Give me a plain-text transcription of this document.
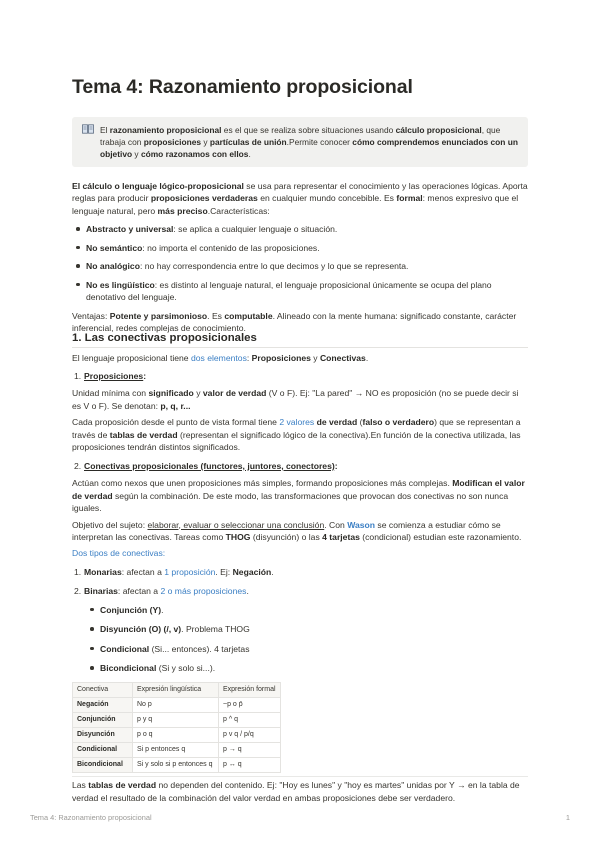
Tema 4: Razonamiento proposicional

El razonamiento proposicional es el que se realiza sobre situaciones usando cálculo proposicional, que trabaja con proposiciones y partículas de unión.Permite conocer cómo comprendemos enunciados con un objetivo y cómo razonamos con ellos.

El cálculo o lenguaje lógico-proposicional se usa para representar el conocimiento y las operaciones lógicas. Aporta reglas para producir proposiciones verdaderas en cualquier mundo concebible. Es formal: menos expresivo que el lenguaje natural, pero más preciso.Características:

Abstracto y universal: se aplica a cualquier lenguaje o situación.
No semántico: no importa el contenido de las proposiciones.
No analógico: no hay correspondencia entre lo que decimos y lo que se representa.
No es lingüístico: es distinto al lenguaje natural, el lenguaje proposicional únicamente se ocupa del plano denotativo del lenguaje.

Ventajas: Potente y parsimonioso. Es computable. Alineado con la mente humana: significado constante, carácter inferencial, redes complejas de conocimiento.

1. Las conectivas proposicionales

El lenguaje proposicional tiene dos elementos: Proposiciones y Conectivas.

1. Proposiciones:

Unidad mínima con significado y valor de verdad (V o F). Ej: "La pared" → NO es proposición (no se puede decir si es V o F). Se denotan: p, q, r...

Cada proposición desde el punto de vista formal tiene 2 valores de verdad (falso o verdadero) que se representan a través de tablas de verdad (representan el significado lógico de la conectiva).En función de la conectiva utilizada, las proposiciones tendrán distintos significados.

2. Conectivas proposicionales (functores, juntores, conectores):

Actúan como nexos que unen proposiciones más simples, formando proposiciones más complejas. Modifican el valor de verdad según la combinación. De este modo, las transformaciones que provocan dos conectivas no son nunca iguales.

Objetivo del sujeto: elaborar, evaluar o seleccionar una conclusión. Con Wason se comienza a estudiar cómo se interpretan las conectivas. Tareas como THOG (disyunción) o las 4 tarjetas (condicional) estudian este razonamiento.

Dos tipos de conectivas:

1. Monarias: afectan a 1 proposición. Ej: Negación.
2. Binarias: afectan a 2 o más proposiciones.
Conjunción (Y).
Disyunción (O) (/, v). Problema THOG
Condicional (Si... entonces). 4 tarjetas
Bicondicional (Si y solo si...).
Conectiva	Expresión lingüística	Expresión formal
Negación	No p	~p o p̄
Conjunción	p y q	p ^ q
Disyunción	p o q	p v q / p/q
Condicional	Si p entonces q	p → q
Bicondicional	Si y solo si p entonces q	p ↔ q

Las tablas de verdad no dependen del contenido. Ej: "Hoy es lunes" y "hoy es martes" unidas por Y → en la tabla de verdad el resultado de la combinación del valor verdad en ambas proposiciones debe ser verdadero.

Tema 4: Razonamiento proposicional	1
